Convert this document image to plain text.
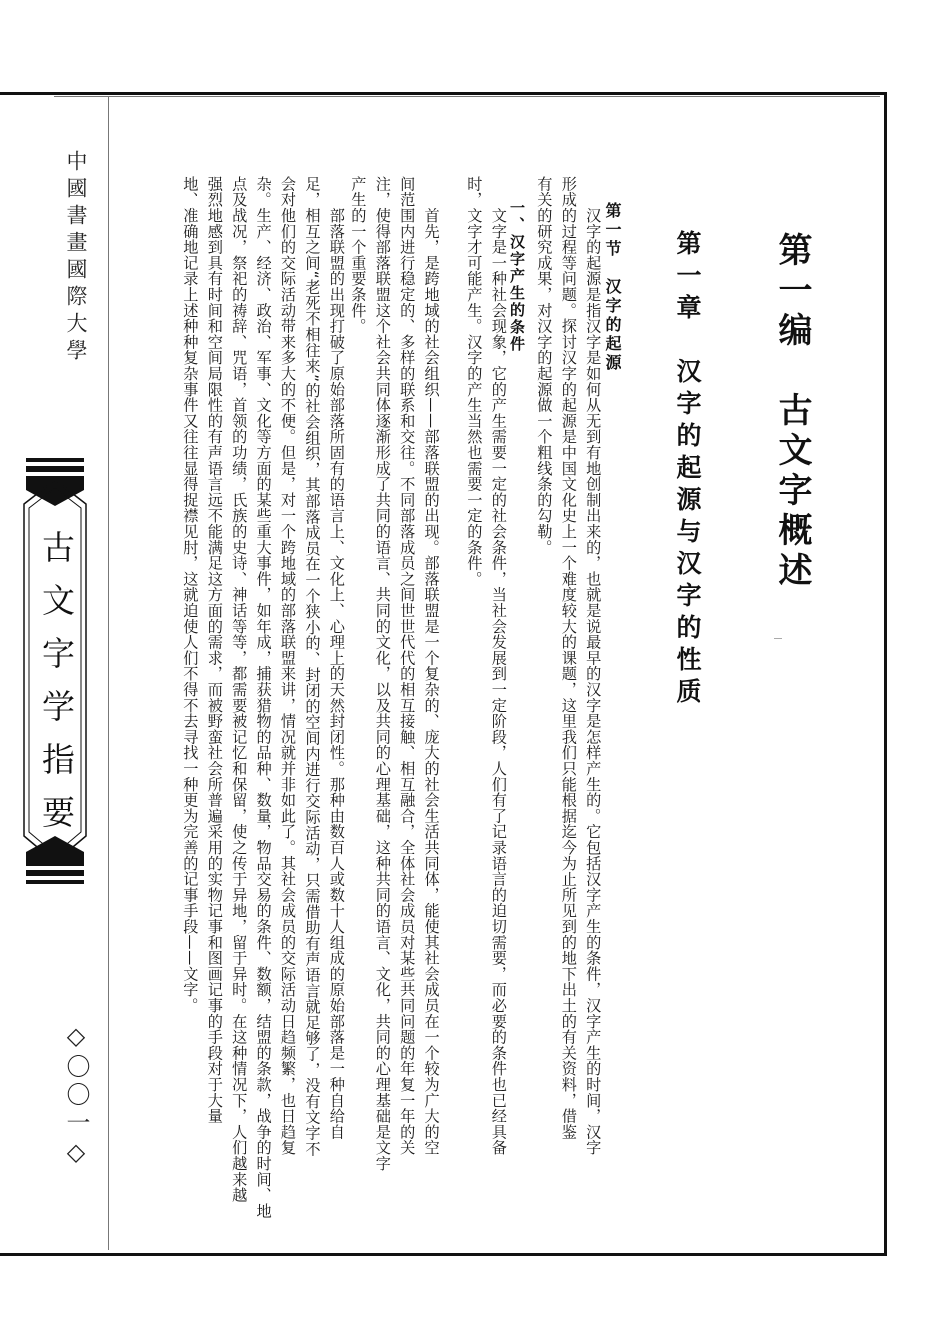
中國書畫國際大學
古文字学指要
◇〇〇一◇
第一编　古文字概述
第一章　汉字的起源与汉字的性质
第一节　汉字的起源
　　汉字的起源是指汉字是如何从无到有地创制出来的，也就是说最早的汉字是怎样产生的。它包括汉字产生的条件，汉字产生的时间，汉字
形成的过程等问题。探讨汉字的起源是中国文化史上一个难度较大的课题，这里我们只能根据迄今为止所见到的地下出土的有关资料，借鉴
有关的研究成果，对汉字的起源做一个粗线条的勾勒。
一、汉字产生的条件
　　文字是一种社会现象，它的产生需要一定的社会条件，当社会发展到一定阶段，人们有了记录语言的迫切需要，而必要的条件也已经具备
时，文字才可能产生。汉字的产生当然也需要一定的条件。
　　首先，是跨地域的社会组织——部落联盟的出现。部落联盟是一个复杂的、庞大的社会生活共同体，能使其社会成员在一个较为广大的空
间范围内进行稳定的、多样的联系和交往。不同部落成员之间世世代代的相互接触、相互融合，全体社会成员对某些共同问题的年复一年的关
注，使得部落联盟这个社会共同体逐渐形成了共同的语言、共同的文化，以及共同的心理基础，这种共同的语言、文化，共同的心理基础是文字
产生的一个重要条件。
　　部落联盟的出现打破了原始部落所固有的语言上、文化上、心理上的天然封闭性。那种由数百人或数十人组成的原始部落是一种自给自
足，相互之间“老死不相往来”的社会组织，其部落成员在一个狭小的、封闭的空间内进行交际活动，只需借助有声语言就足够了，没有文字不
会对他们的交际活动带来多大的不便。但是，对一个跨地域的部落联盟来讲，情况就并非如此了。其社会成员的交际活动日趋频繁，也日趋复
杂。生产、经济、政治、军事、文化等方面的某些重大事件，如年成，捕获猎物的品种、数量，物品交易的条件、数额，结盟的条款，战争的时间、地
点及战况，祭祀的祷辞、咒语，首领的功绩，氏族的史诗、神话等等，都需要被记忆和保留，使之传于异地，留于异时。在这种情况下，人们越来越
强烈地感到具有时间和空间局限性的有声语言远不能满足这方面的需求，而被野蛮社会所普遍采用的实物记事和图画记事的手段对于大量
地、准确地记录上述种种复杂事件又往往显得捉襟见肘，这就迫使人们不得不去寻找一种更为完善的记事手段——文字。
